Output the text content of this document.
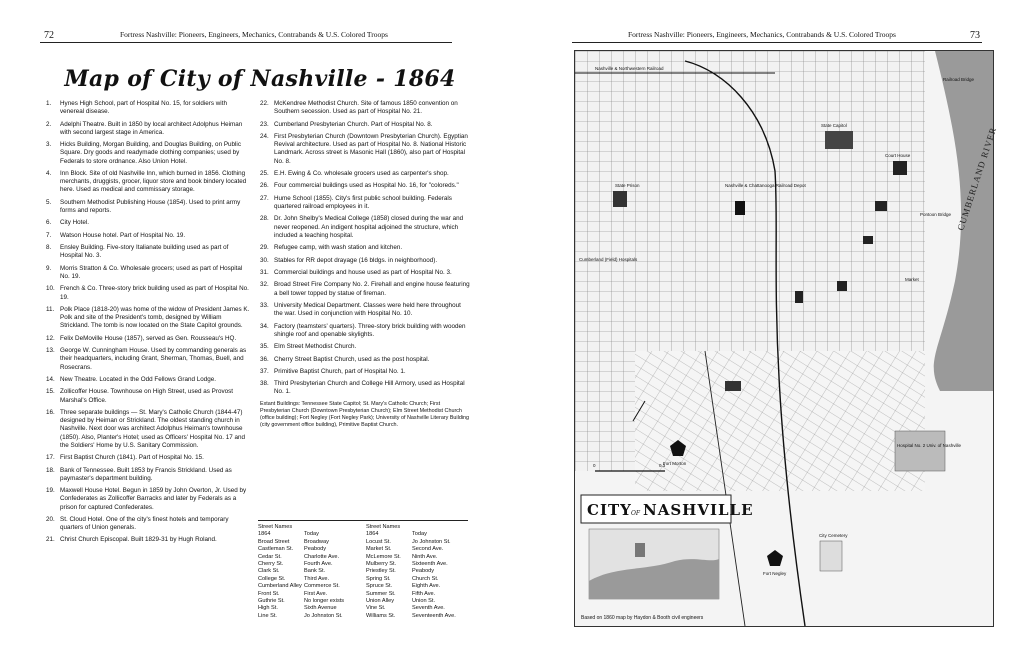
72	Fortress Nashville: Pioneers, Engineers, Mechanics, Contrabands & U.S. Colored Troops
Map of City of Nashville - 1864
1.	Hynes High School, part of Hospital No. 15, for soldiers with venereal disease.
2.	Adelphi Theatre. Built in 1850 by local architect Adolphus Heiman with second largest stage in America.
3.	Hicks Building, Morgan Building, and Douglas Building, on Public Square. Dry goods and readymade clothing companies; used by Federals to store ordnance. Also Union Hotel.
4.	Inn Block. Site of old Nashville Inn, which burned in 1856. Clothing merchants, druggists, grocer, liquor store and book bindery located here. Used as medical and commissary storage.
5.	Southern Methodist Publishing House (1854). Used to print army forms and reports.
6.	City Hotel.
7.	Watson House hotel. Part of Hospital No. 19.
8.	Ensley Building. Five-story Italianate building used as part of Hospital No. 3.
9.	Morris Stratton & Co. Wholesale grocers; used as part of Hospital No. 19.
10. French & Co. Three-story brick building used as part of Hospital No. 19.
11. Polk Place (1818-20) was home of the widow of President James K. Polk and site of the President's tomb, designed by William Strickland. The tomb is now located on the State Capitol grounds.
12. Felix DeMoville House (1857), served as Gen. Rousseau's HQ.
13. George W. Cunningham House. Used by commanding generals as their headquarters, including Grant, Sherman, Thomas, Buell, and Rosecrans.
14. New Theatre. Located in the Odd Fellows Grand Lodge.
15. Zollicoffer House. Townhouse on High Street, used as Provost Marshal's Office.
16. Three separate buildings — St. Mary's Catholic Church (1844-47) designed by Heiman or Strickland. The oldest standing church in Nashville. Next door was architect Adolphus Heiman's townhouse (1850). Also, Planter's Hotel; used as Officers' Hospital No. 17 and the Soldiers' Home by U.S. Sanitary Commission.
17. First Baptist Church (1841). Part of Hospital No. 15.
18. Bank of Tennessee. Built 1853 by Francis Strickland. Used as paymaster's department building.
19. Maxwell House Hotel. Begun in 1859 by John Overton, Jr. Used by Confederates as Zollicoffer Barracks and later by Federals as a prison for captured Confederates.
20. St. Cloud Hotel. One of the city's finest hotels and temporary quarters of Union generals.
21. Christ Church Episcopal. Built 1829-31 by Hugh Roland.
22. McKendree Methodist Church. Site of famous 1850 convention on Southern secession. Used as part of Hospital No. 21.
23. Cumberland Presbyterian Church. Part of Hospital No. 8.
24. First Presbyterian Church (Downtown Presbyterian Church). Egyptian Revival architecture. Used as part of Hospital No. 8. National Historic Landmark. Across street is Masonic Hall (1860), also part of Hospital No. 8.
25. E.H. Ewing & Co. wholesale grocers used as carpenter's shop.
26. Four commercial buildings used as Hospital No. 16, for "coloreds."
27. Hume School (1855). City's first public school building. Federals quartered railroad employees in it.
28. Dr. John Shelby's Medical College (1858) closed during the war and never reopened. An indigent hospital adjoined the structure, which included a teaching hospital.
29. Refugee camp, with wash station and kitchen.
30. Stables for RR depot drayage (16 bldgs. in neighborhood).
31. Commercial buildings and house used as part of Hospital No. 3.
32. Broad Street Fire Company No. 2. Firehall and engine house featuring a bell tower topped by statue of fireman.
33. University Medical Department. Classes were held here throughout the war. Used in conjunction with Hospital No. 10.
34. Factory (teamsters' quarters). Three-story brick building with wooden shingle roof and openable skylights.
35. Elm Street Methodist Church.
36. Cherry Street Baptist Church, used as the post hospital.
37. Primitive Baptist Church, part of Hospital No. 1.
38. Third Presbyterian Church and College Hill Armory, used as Hospital No. 1.
Extant Buildings: Tennessee State Capitol; St. Mary's Catholic Church; First Presbyterian Church (Downtown Presbyterian Church); Elm Street Methodist Church (office building); Fort Negley (Fort Negley Park); University of Nashville Literary Building (city government office building), Primitive Baptist Church.
Street Names
1864	Today
Broad Street	Broadway
Castleman St.	Peabody
Cedar St.	Charlotte Ave.
Cherry St.	Fourth Ave.
Clark St.	Bank St.
College St.	Third Ave.
Cumberland Alley Commerce St.
Front St.	First Ave.
Guthrie St.	No longer exists
High St.	Sixth Avenue
Line St.	Jo Johnston St.
Street Names
1864	Today
Locust St.	Jo Johnston St.
Market St.	Second Ave.
McLemore St.	Ninth Ave.
Mulberry St.	Sixteenth Ave.
Priestley St.	Peabody
Spring St.	Church St.
Spruce St.	Eighth Ave.
Summer St.	Fifth Ave.
Union Alley	Union St.
Vine St.	Seventh Ave.
Williams St.	Seventeenth Ave.
Fortress Nashville: Pioneers, Engineers, Mechanics, Contrabands & U.S. Colored Troops	73
CUMBERLAND RIVER
Nashville & Northwestern Railroad
State Capitol
State Prison	Nashville & Chattanooga Railroad Depot
Cumberland (Field) Hospitals
Fort Morton
Fort Negley
City Cemetery
Hospital No. 2 Univ. of Nashville
Railroad Bridge
Pontoon Bridge
Court House
Market
0	0.3
CITY OF NASHVILLE
Based on 1860 map by Haydon & Booth civil engineers
